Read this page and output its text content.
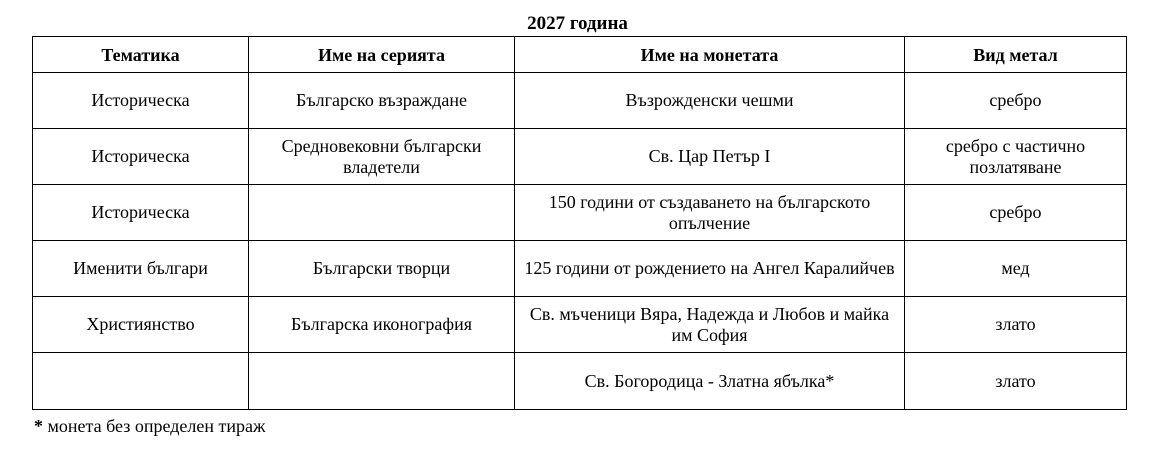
2027 година
Тематика	Име на серията	Име на монетата	Вид метал
Историческа	Българско възраждане	Възрожденски чешми	сребро
Историческа	Средновековни български владетели	Св. Цар Петър I	сребро с частично позлатяване
Историческа		150 години от създаването на българското опълчение	сребро
Именити българи	Български творци	125 години от рождението на Ангел Каралийчев	мед
Християнство	Българска иконография	Св. мъченици Вяра, Надежда и Любов и майка им София	злато
		Св. Богородица - Златна ябълка*	злато
* монета без определен тираж
